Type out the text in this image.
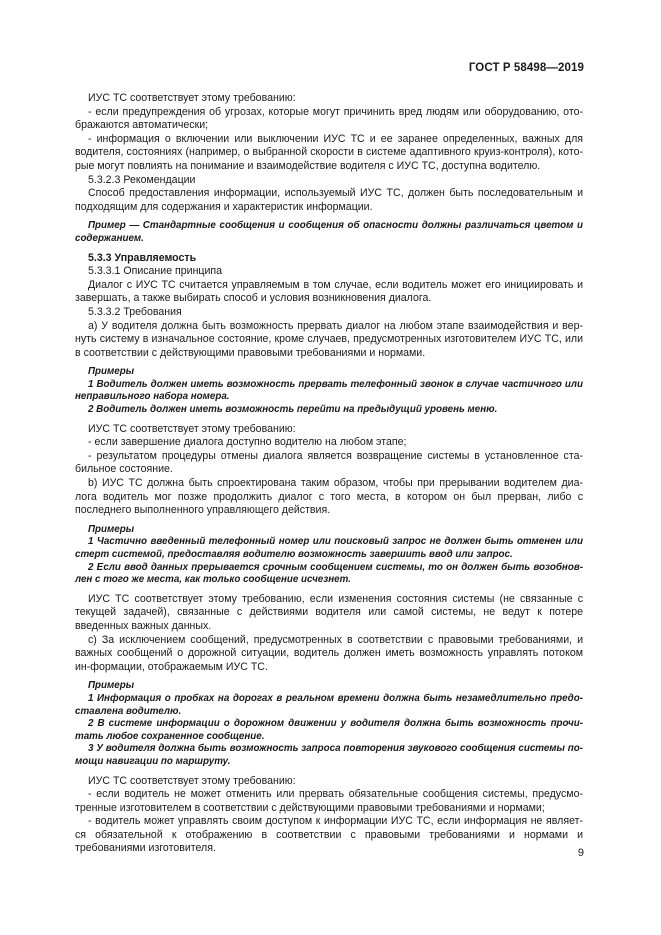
ГОСТ Р 58498—2019
ИУС ТС соответствует этому требованию:
- если предупреждения об угрозах, которые могут причинить вред людям или оборудованию, ото-бражаются автоматически;
- информация о включении или выключении ИУС ТС и ее заранее определенных, важных для водителя, состояниях (например, о выбранной скорости в системе адаптивного круиз-контроля), кото-рые могут повлиять на понимание и взаимодействие водителя с ИУС ТС, доступна водителю.
5.3.2.3 Рекомендации
Способ предоставления информации, используемый ИУС ТС, должен быть последовательным и подходящим для содержания и характеристик информации.
Пример — Стандартные сообщения и сообщения об опасности должны различаться цветом и содержанием.
5.3.3 Управляемость
5.3.3.1 Описание принципа
Диалог с ИУС ТС считается управляемым в том случае, если водитель может его инициировать и завершать, а также выбирать способ и условия возникновения диалога.
5.3.3.2 Требования
а) У водителя должна быть возможность прервать диалог на любом этапе взаимодействия и вер-нуть систему в изначальное состояние, кроме случаев, предусмотренных изготовителем ИУС ТС, или в соответствии с действующими правовыми требованиями и нормами.
Примеры
1 Водитель должен иметь возможность прервать телефонный звонок в случае частичного или неправильного набора номера.
2 Водитель должен иметь возможность перейти на предыдущий уровень меню.
ИУС ТС соответствует этому требованию:
- если завершение диалога доступно водителю на любом этапе;
- результатом процедуры отмены диалога является возвращение системы в установленное ста-бильное состояние.
b) ИУС ТС должна быть спроектирована таким образом, чтобы при прерывании водителем диа-лога водитель мог позже продолжить диалог с того места, в котором он был прерван, либо с последнего выполненного управляющего действия.
Примеры
1 Частично введенный телефонный номер или поисковый запрос не должен быть отменен или стерт системой, предоставляя водителю возможность завершить ввод или запрос.
2 Если ввод данных прерывается срочным сообщением системы, то он должен быть возобнов-лен с того же места, как только сообщение исчезнет.
ИУС ТС соответствует этому требованию, если изменения состояния системы (не связанные с текущей задачей), связанные с действиями водителя или самой системы, не ведут к потере введенных важных данных.
с) За исключением сообщений, предусмотренных в соответствии с правовыми требованиями, и важных сообщений о дорожной ситуации, водитель должен иметь возможность управлять потоком ин-формации, отображаемым ИУС ТС.
Примеры
1 Информация о пробках на дорогах в реальном времени должна быть незамедлительно предо-ставлена водителю.
2 В системе информации о дорожном движении у водителя должна быть возможность прочи-тать любое сохраненное сообщение.
3 У водителя должна быть возможность запроса повторения звукового сообщения системы по-мощи навигации по маршруту.
ИУС ТС соответствует этому требованию:
- если водитель не может отменить или прервать обязательные сообщения системы, предусмо-тренные изготовителем в соответствии с действующими правовыми требованиями и нормами;
- водитель может управлять своим доступом к информации ИУС ТС, если информация не являет-ся обязательной к отображению в соответствии с правовыми требованиями и нормами и требованиями изготовителя.	9
